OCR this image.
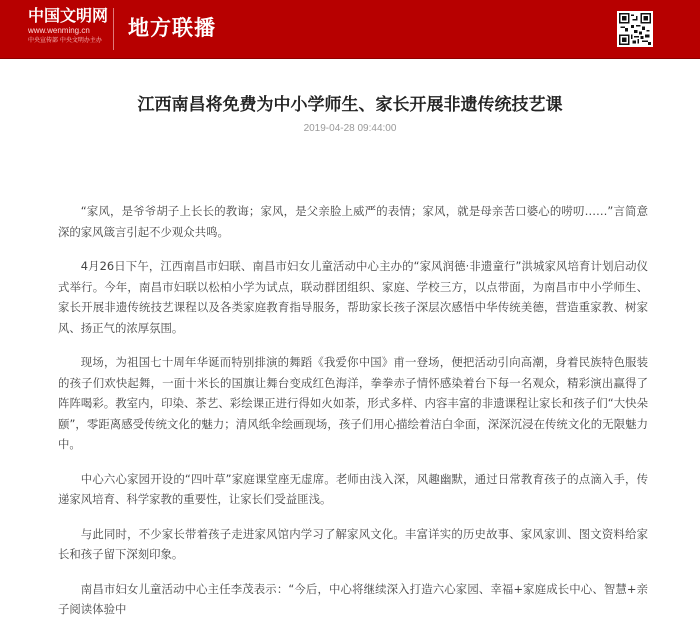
中国文明网
www.wenming.cn
中央宣传部 中央文明办主办
地方联播
江西南昌将免费为中小学师生、家长开展非遗传统技艺课
2019-04-28 09:44:00

“家风，是爷爷胡子上长长的教诲；家风，是父亲脸上威严的表情；家风，就是母亲苦口婆心的唠叨……”言简意深的家风箴言引起不少观众共鸣。

4月26日下午，江西南昌市妇联、南昌市妇女儿童活动中心主办的“家风润德·非遗童行”洪城家风培育计划启动仪式举行。今年，南昌市妇联以松柏小学为试点，联动群团组织、家庭、学校三方，以点带面，为南昌市中小学师生、家长开展非遗传统技艺课程以及各类家庭教育指导服务，帮助家长孩子深层次感悟中华传统美德，营造重家教、树家风、扬正气的浓厚氛围。

现场，为祖国七十周年华诞而特别排演的舞蹈《我爱你中国》甫一登场，便把活动引向高潮，身着民族特色服装的孩子们欢快起舞，一面十米长的国旗让舞台变成红色海洋，拳拳赤子情怀感染着台下每一名观众，精彩演出赢得了阵阵喝彩。教室内，印染、茶艺、彩绘课正进行得如火如荼，形式多样、内容丰富的非遗课程让家长和孩子们“大快朵颐”，零距离感受传统文化的魅力；清风纸伞绘画现场，孩子们用心描绘着洁白伞面，深深沉浸在传统文化的无限魅力中。

中心六心家园开设的“四叶草”家庭课堂座无虚席。老师由浅入深，风趣幽默，通过日常教育孩子的点滴入手，传递家风培育、科学家教的重要性，让家长们受益匪浅。

与此同时，不少家长带着孩子走进家风馆内学习了解家风文化。丰富详实的历史故事、家风家训、图文资料给家长和孩子留下深刻印象。

南昌市妇女儿童活动中心主任李茂表示：“今后，中心将继续深入打造六心家园、幸福+家庭成长中心、智慧+亲子阅读体验中
